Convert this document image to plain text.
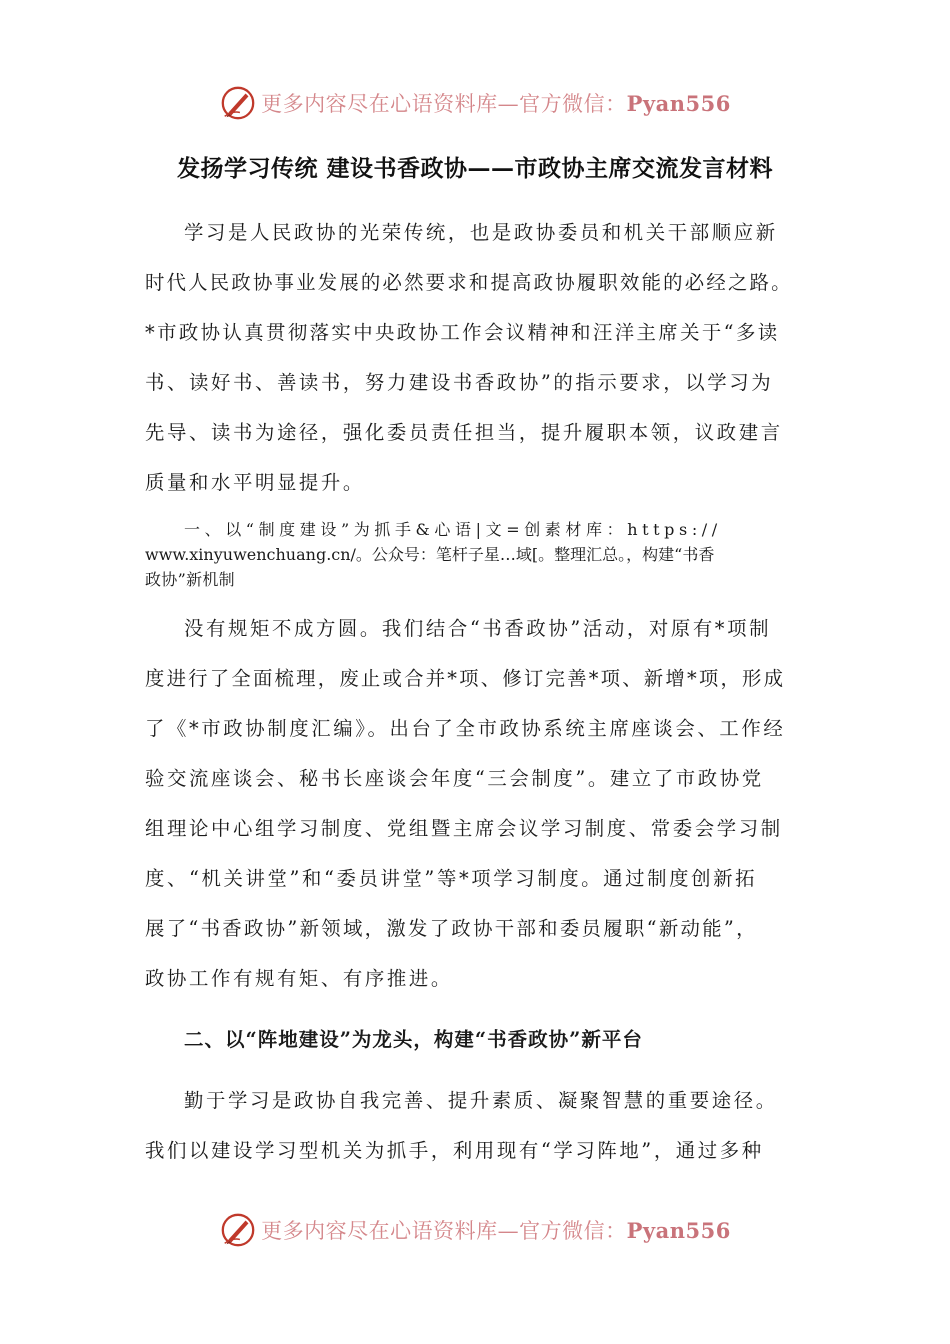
更多内容尽在心语资料库—官方微信：Pyan556
发扬学习传统 建设书香政协——市政协主席交流发言材料
学习是人民政协的光荣传统，也是政协委员和机关干部顺应新
时代人民政协事业发展的必然要求和提高政协履职效能的必经之路。
*市政协认真贯彻落实中央政协工作会议精神和汪洋主席关于“多读
书、读好书、善读书，努力建设书香政协”的指示要求，以学习为
先导、读书为途径，强化委员责任担当，提升履职本领，议政建言
质量和水平明显提升。
一、以“制度建设”为抓手&心语|文=创素材库：https://
www.xinyuwenchuang.cn/。公众号：笔杆子星…域[。整理汇总。，构建“书香
政协”新机制
没有规矩不成方圆。我们结合“书香政协”活动，对原有*项制
度进行了全面梳理，废止或合并*项、修订完善*项、新增*项，形成
了《*市政协制度汇编》。出台了全市政协系统主席座谈会、工作经
验交流座谈会、秘书长座谈会年度“三会制度”。建立了市政协党
组理论中心组学习制度、党组暨主席会议学习制度、常委会学习制
度、“机关讲堂”和“委员讲堂”等*项学习制度。通过制度创新拓
展了“书香政协”新领域，激发了政协干部和委员履职“新动能”，
政协工作有规有矩、有序推进。
二、以“阵地建设”为龙头，构建“书香政协”新平台
勤于学习是政协自我完善、提升素质、凝聚智慧的重要途径。
我们以建设学习型机关为抓手，利用现有“学习阵地”，通过多种
更多内容尽在心语资料库—官方微信：Pyan556
